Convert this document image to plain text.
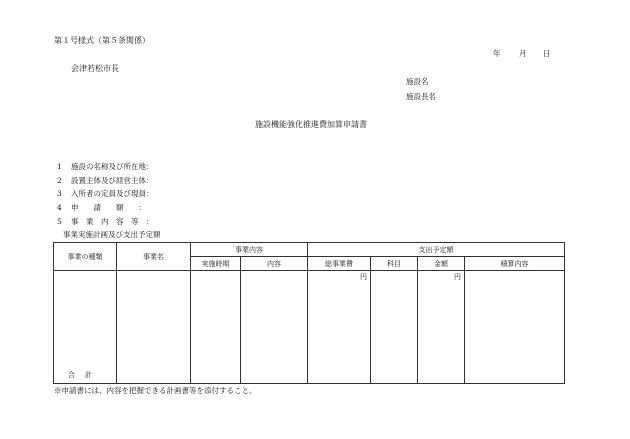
第１号様式（第５条関係）
年 月 日
会津若松市長
施設名
施設長名
施設機能強化推進費加算申請書
1 施設の名称及び所在地：
2 設置主体及び経営主体：
3 入所者の定員及び現員：
4 申　　請　　額　　：
5 事　業　内　容　等　：
事業実施計画及び支出予定額
事業の種類	事業名	事業内容		支出予定額			
		実施時期	内容	総事業費	科目	金額	積算内容

合計				円		円	

※申請書には、内容を把握できる計画書等を添付すること。
